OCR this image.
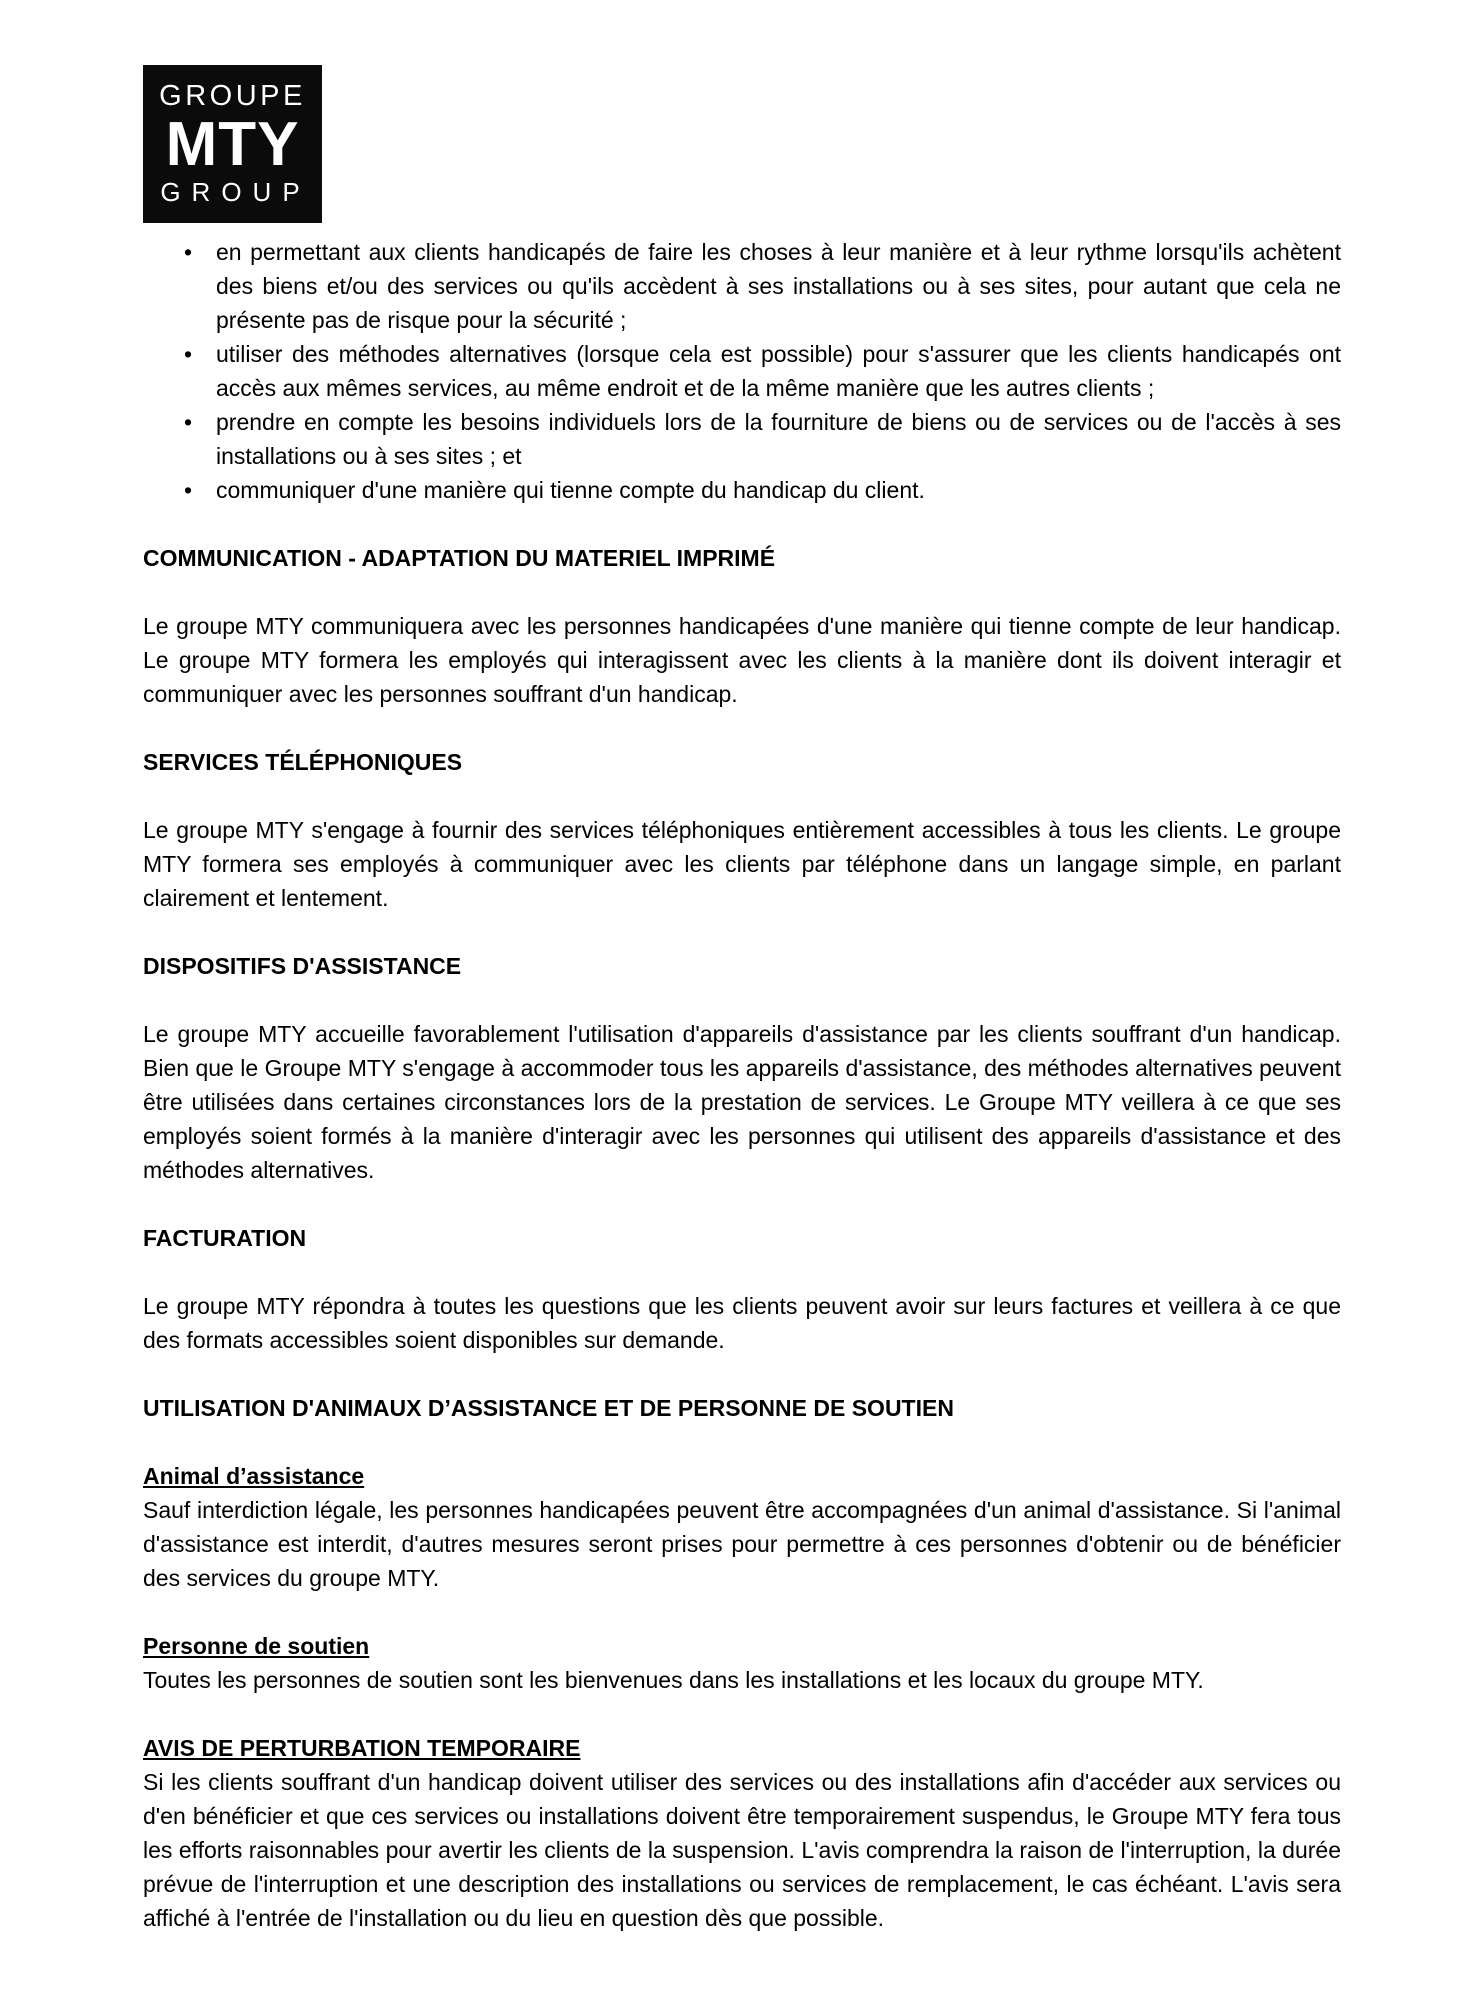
GROUPE
MTY
GROUP
• en permettant aux clients handicapés de faire les choses à leur manière et à leur rythme lorsqu'ils achètent des biens et/ou des services ou qu'ils accèdent à ses installations ou à ses sites, pour autant que cela ne présente pas de risque pour la sécurité ;
• utiliser des méthodes alternatives (lorsque cela est possible) pour s'assurer que les clients handicapés ont accès aux mêmes services, au même endroit et de la même manière que les autres clients ;
• prendre en compte les besoins individuels lors de la fourniture de biens ou de services ou de l'accès à ses installations ou à ses sites ; et
• communiquer d'une manière qui tienne compte du handicap du client.
COMMUNICATION - ADAPTATION DU MATERIEL IMPRIMÉ

Le groupe MTY communiquera avec les personnes handicapées d'une manière qui tienne compte de leur handicap. Le groupe MTY formera les employés qui interagissent avec les clients à la manière dont ils doivent interagir et communiquer avec les personnes souffrant d'un handicap.

SERVICES TÉLÉPHONIQUES

Le groupe MTY s'engage à fournir des services téléphoniques entièrement accessibles à tous les clients. Le groupe MTY formera ses employés à communiquer avec les clients par téléphone dans un langage simple, en parlant clairement et lentement.

DISPOSITIFS D'ASSISTANCE

Le groupe MTY accueille favorablement l'utilisation d'appareils d'assistance par les clients souffrant d'un handicap. Bien que le Groupe MTY s'engage à accommoder tous les appareils d'assistance, des méthodes alternatives peuvent être utilisées dans certaines circonstances lors de la prestation de services. Le Groupe MTY veillera à ce que ses employés soient formés à la manière d'interagir avec les personnes qui utilisent des appareils d'assistance et des méthodes alternatives.

FACTURATION

Le groupe MTY répondra à toutes les questions que les clients peuvent avoir sur leurs factures et veillera à ce que des formats accessibles soient disponibles sur demande.

UTILISATION D'ANIMAUX D’ASSISTANCE ET DE PERSONNE DE SOUTIEN
Animal d’assistance

Sauf interdiction légale, les personnes handicapées peuvent être accompagnées d'un animal d'assistance. Si l'animal d'assistance est interdit, d'autres mesures seront prises pour permettre à ces personnes d'obtenir ou de bénéficier des services du groupe MTY.

Personne de soutien

Toutes les personnes de soutien sont les bienvenues dans les installations et les locaux du groupe MTY.

AVIS DE PERTURBATION TEMPORAIRE

Si les clients souffrant d'un handicap doivent utiliser des services ou des installations afin d'accéder aux services ou d'en bénéficier et que ces services ou installations doivent être temporairement suspendus, le Groupe MTY fera tous les efforts raisonnables pour avertir les clients de la suspension. L'avis comprendra la raison de l'interruption, la durée prévue de l'interruption et une description des installations ou services de remplacement, le cas échéant. L'avis sera affiché à l'entrée de l'installation ou du lieu en question dès que possible.
